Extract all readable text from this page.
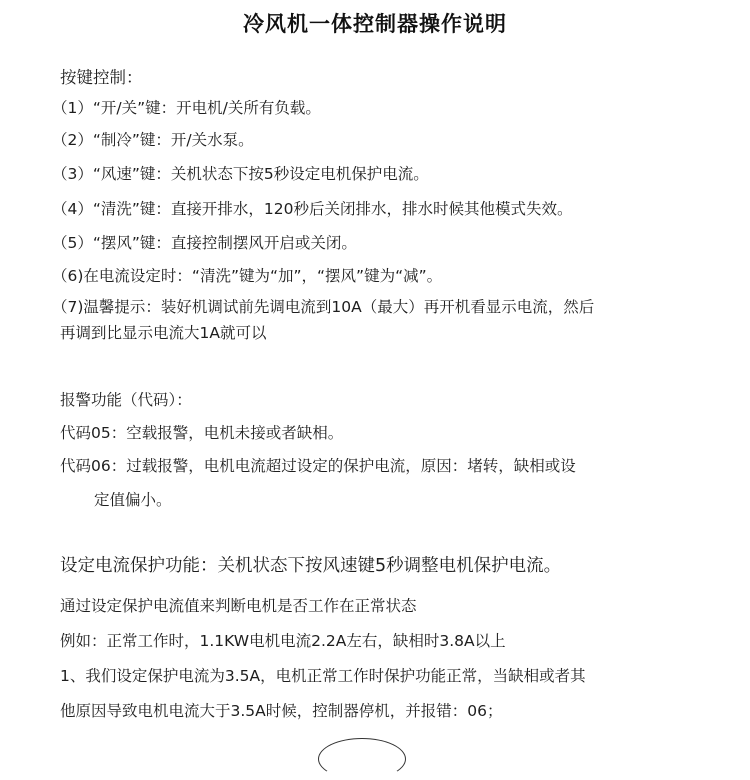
冷风机一体控制器操作说明
按键控制：
（1）“开/关”键：开电机/关所有负载。
（2）“制冷”键：开/关水泵。
（3）“风速”键：关机状态下按5秒设定电机保护电流。
（4）“清洗”键：直接开排水，120秒后关闭排水，排水时候其他模式失效。
（5）“摆风”键：直接控制摆风开启或关闭。
（6)在电流设定时：“清洗”键为“加”，“摆风”键为“减”。
（7)温馨提示：装好机调试前先调电流到10A（最大）再开机看显示电流，然后
再调到比显示电流大1A就可以
报警功能（代码）：
代码05：空载报警，电机未接或者缺相。
代码06：过载报警，电机电流超过设定的保护电流，原因：堵转，缺相或设
定值偏小。
设定电流保护功能：关机状态下按风速键5秒调整电机保护电流。
通过设定保护电流值来判断电机是否工作在正常状态
例如：正常工作时，1.1KW电机电流2.2A左右，缺相时3.8A以上
1、我们设定保护电流为3.5A，电机正常工作时保护功能正常，当缺相或者其
他原因导致电机电流大于3.5A时候，控制器停机，并报错：06；
